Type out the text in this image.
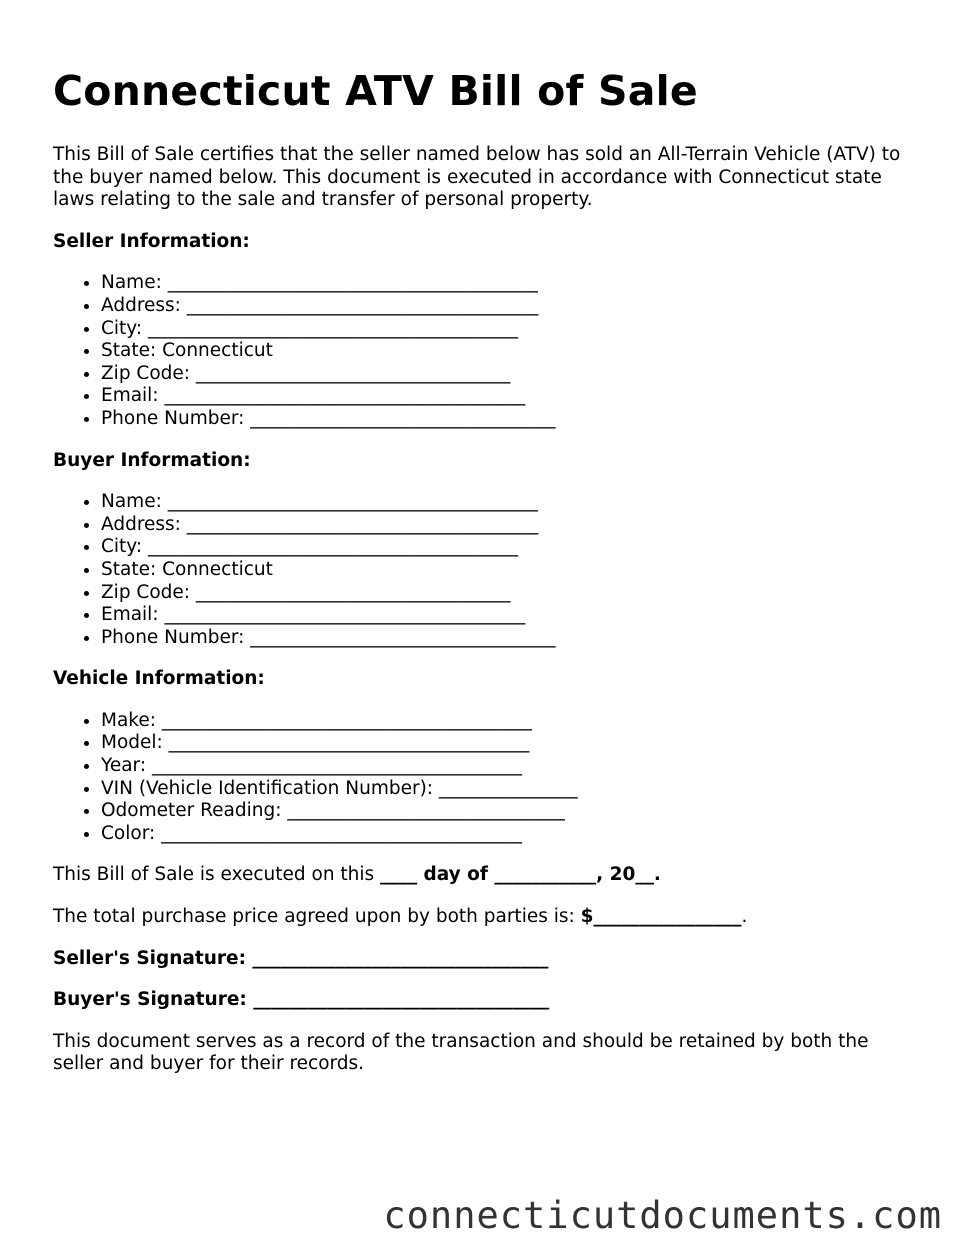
Connecticut ATV Bill of Sale

This Bill of Sale certifies that the seller named below has sold an All-Terrain Vehicle (ATV) to the buyer named below. This document is executed in accordance with Connecticut state laws relating to the sale and transfer of personal property.

Seller Information:

• Name: ________________________________________
• Address: ______________________________________
• City: ________________________________________
• State: Connecticut
• Zip Code: __________________________________
• Email: _______________________________________
• Phone Number: _________________________________

Buyer Information:

• Name: ________________________________________
• Address: ______________________________________
• City: ________________________________________
• State: Connecticut
• Zip Code: __________________________________
• Email: _______________________________________
• Phone Number: _________________________________

Vehicle Information:

• Make: ________________________________________
• Model: _______________________________________
• Year: ________________________________________
• VIN (Vehicle Identification Number): _______________
• Odometer Reading: ______________________________
• Color: _______________________________________

This Bill of Sale is executed on this ____ day of ___________, 20__.

The total purchase price agreed upon by both parties is: $________________.

Seller's Signature: ________________________________

Buyer's Signature: ________________________________

This document serves as a record of the transaction and should be retained by both the seller and buyer for their records.

connecticutdocuments.com
